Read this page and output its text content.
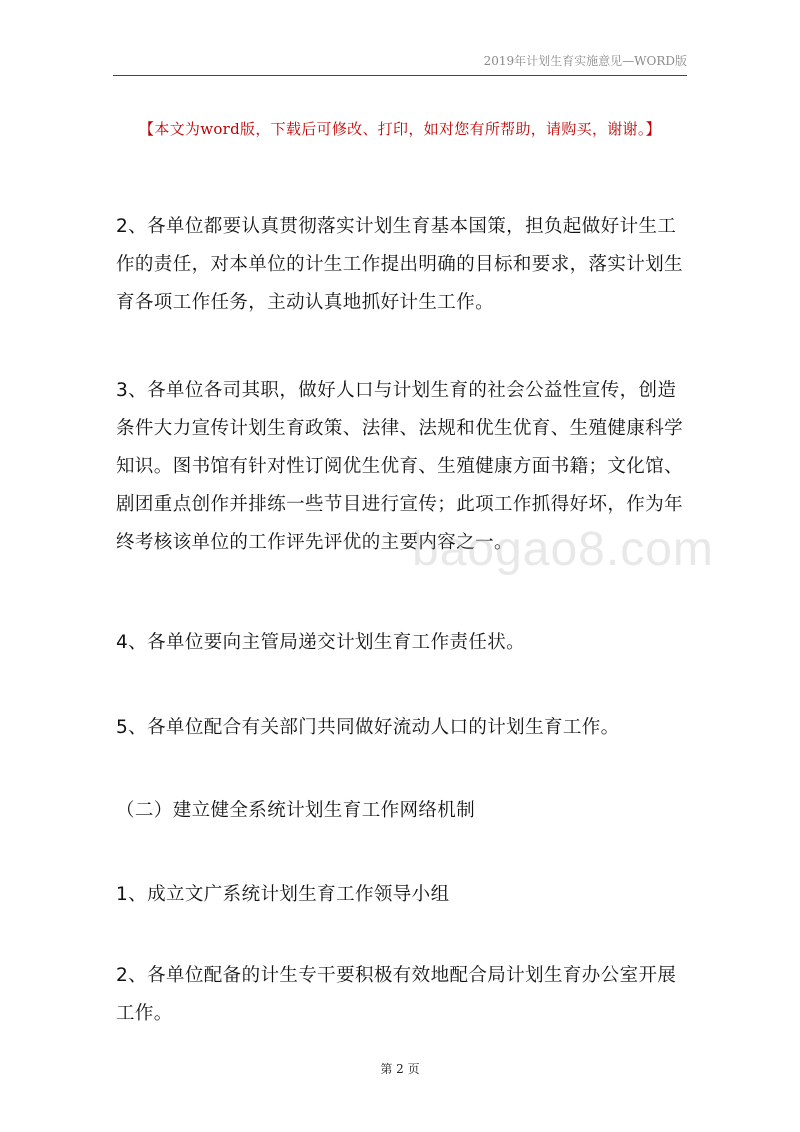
2019年计划生育实施意见—WORD版
【本文为word版，下载后可修改、打印，如对您有所帮助，请购买，谢谢。】

2、各单位都要认真贯彻落实计划生育基本国策，担负起做好计生工作的责任，对本单位的计生工作提出明确的目标和要求，落实计划生育各项工作任务，主动认真地抓好计生工作。

3、各单位各司其职，做好人口与计划生育的社会公益性宣传，创造条件大力宣传计划生育政策、法律、法规和优生优育、生殖健康科学知识。图书馆有针对性订阅优生优育、生殖健康方面书籍；文化馆、剧团重点创作并排练一些节目进行宣传；此项工作抓得好坏，作为年终考核该单位的工作评先评优的主要内容之一。

4、各单位要向主管局递交计划生育工作责任状。

5、各单位配合有关部门共同做好流动人口的计划生育工作。

（二）建立健全系统计划生育工作网络机制

1、成立文广系统计划生育工作领导小组

2、各单位配备的计生专干要积极有效地配合局计划生育办公室开展工作。

baogao8.com
第 2 页
